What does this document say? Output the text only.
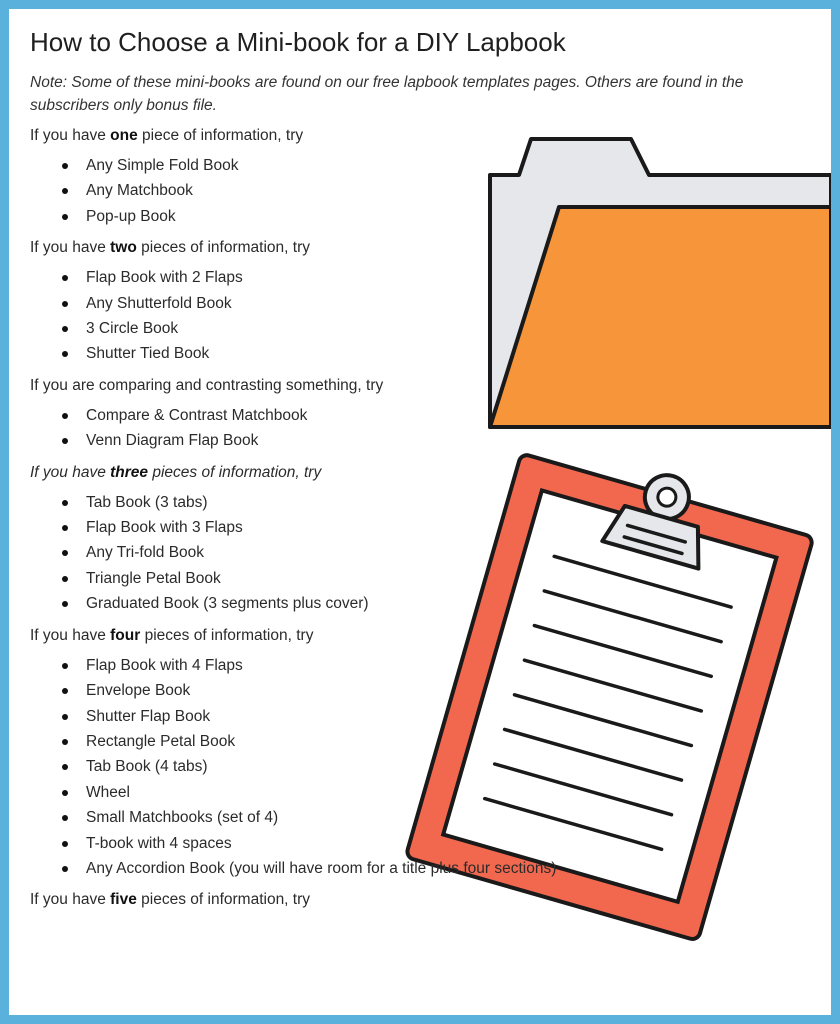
How to Choose a Mini-book for a DIY Lapbook

Note: Some of these mini-books are found on our free lapbook templates pages. Others are found in the subscribers only bonus file.

If you have one piece of information, try

Any Simple Fold Book
Any Matchbook
Pop-up Book

If you have two pieces of information, try

Flap Book with 2 Flaps
Any Shutterfold Book
3 Circle Book
Shutter Tied Book

If you are comparing and contrasting something, try

Compare & Contrast Matchbook
Venn Diagram Flap Book

If you have three pieces of information, try

Tab Book (3 tabs)
Flap Book with 3 Flaps
Any Tri-fold Book
Triangle Petal Book
Graduated Book (3 segments plus cover)

If you have four pieces of information, try

Flap Book with 4 Flaps
Envelope Book
Shutter Flap Book
Rectangle Petal Book
Tab Book (4 tabs)
Wheel
Small Matchbooks (set of 4)
T-book with 4 spaces
Any Accordion Book (you will have room for a title plus four sections)

If you have five pieces of information, try
